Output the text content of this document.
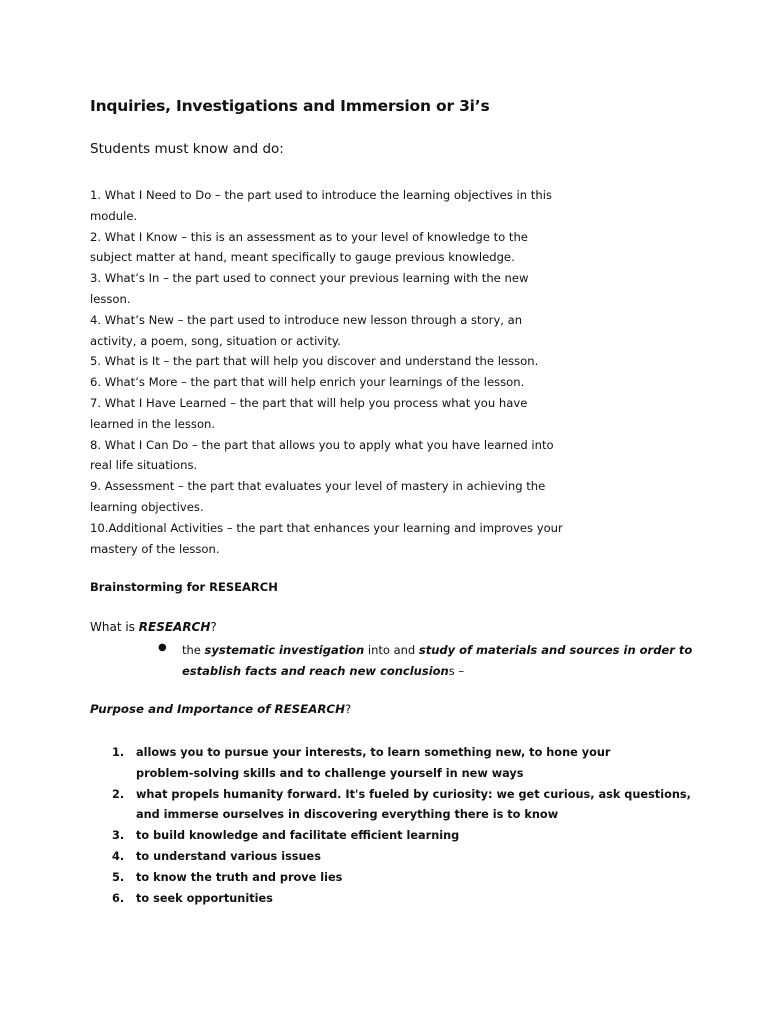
Inquiries, Investigations and Immersion or 3i’s
Students must know and do:
1. What I Need to Do – the part used to introduce the learning objectives in this
module.
2. What I Know – this is an assessment as to your level of knowledge to the
subject matter at hand, meant specifically to gauge previous knowledge.
3. What’s In – the part used to connect your previous learning with the new
lesson.
4. What’s New – the part used to introduce new lesson through a story, an
activity, a poem, song, situation or activity.
5. What is It – the part that will help you discover and understand the lesson.
6. What’s More – the part that will help enrich your learnings of the lesson.
7. What I Have Learned – the part that will help you process what you have
learned in the lesson.
8. What I Can Do – the part that allows you to apply what you have learned into
real life situations.
9. Assessment – the part that evaluates your level of mastery in achieving the
learning objectives.
10.Additional Activities – the part that enhances your learning and improves your
mastery of the lesson.
Brainstorming for RESEARCH
What is RESEARCH?
● the systematic investigation into and study of materials and sources in order to
establish facts and reach new conclusions –
Purpose and Importance of RESEARCH?
1.	allows you to pursue your interests, to learn something new, to hone your
problem-solving skills and to challenge yourself in new ways
2.	what propels humanity forward. It's fueled by curiosity: we get curious, ask questions,
and immerse ourselves in discovering everything there is to know
3.	to build knowledge and facilitate efficient learning
4.	to understand various issues
5.	to know the truth and prove lies
6.	to seek opportunities
